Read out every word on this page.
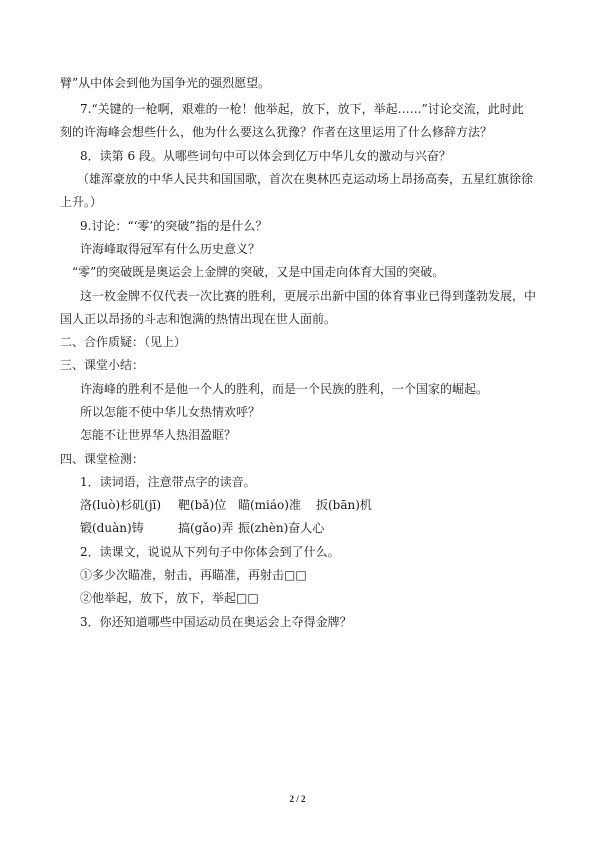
臂”从中体会到他为国争光的强烈愿望。

7.“关键的一枪啊，艰难的一枪！他举起，放下，放下，举起……”讨论交流，此时此

刻的许海峰会想些什么，他为什么要这么犹豫？作者在这里运用了什么修辞方法？

8．读第 6 段。从哪些词句中可以体会到亿万中华儿女的激动与兴奋？

（雄浑豪放的中华人民共和国国歌，首次在奥林匹克运动场上昂扬高奏，五星红旗徐徐

上升。）

9.讨论：“‘零’的突破”指的是什么？

许海峰取得冠军有什么历史意义？

“零”的突破既是奥运会上金牌的突破，又是中国走向体育大国的突破。

这一枚金牌不仅代表一次比赛的胜利，更展示出新中国的体育事业已得到蓬勃发展，中

国人正以昂扬的斗志和饱满的热情出现在世人面前。

二、合作质疑：（见上）

三、课堂小结：

许海峰的胜利不是他一个人的胜利，而是一个民族的胜利，一个国家的崛起。

所以怎能不使中华儿女热情欢呼？

怎能不让世界华人热泪盈眶？

四、课堂检测：

1．读词语，注意带点字的读音。

洛(luò)杉矶(jī) 靶(bǎ)位 瞄(miáo)准 扳(bān)机
锻(duàn)铸	搞(gǎo)弄 振(zhèn)奋人心

2．读课文，说说从下列句子中你体会到了什么。

①多少次瞄准，射击，再瞄准，再射击□□

②他举起，放下，放下，举起□□

3．你还知道哪些中国运动员在奥运会上夺得金牌？

2 / 2
